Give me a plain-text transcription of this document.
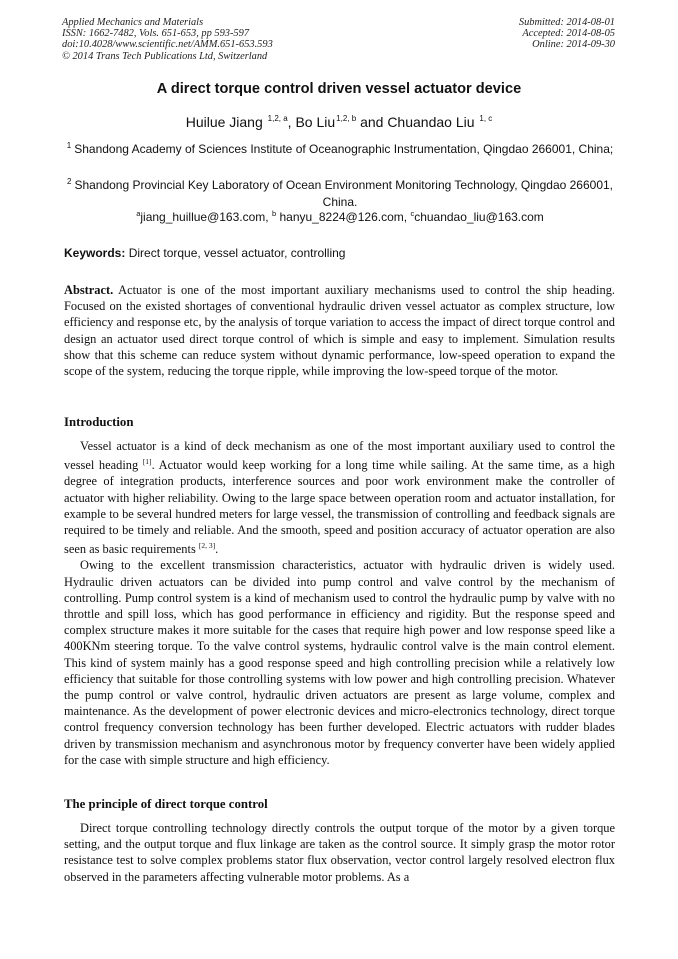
Applied Mechanics and Materials
ISSN: 1662-7482, Vols. 651-653, pp 593-597
doi:10.4028/www.scientific.net/AMM.651-653.593
© 2014 Trans Tech Publications Ltd, Switzerland
Submitted: 2014-08-01
Accepted: 2014-08-05
Online: 2014-09-30
A direct torque control driven vessel actuator device
Huilue Jiang $^{1,2, a}$, Bo Liu$^{1,2, b}$ and Chuandao Liu $^{1, c}$
$^1$ Shandong Academy of Sciences Institute of Oceanographic Instrumentation, Qingdao 266001, China;
$^2$ Shandong Provincial Key Laboratory of Ocean Environment Monitoring Technology, Qingdao 266001, China.
$^a$jiang_huillue@163.com, $^b$ hanyu_8224@126.com, $^c$chuandao_liu@163.com
Keywords: Direct torque, vessel actuator, controlling

Abstract. Actuator is one of the most important auxiliary mechanisms used to control the ship heading. Focused on the existed shortages of conventional hydraulic driven vessel actuator as complex structure, low efficiency and response etc, by the analysis of torque variation to access the impact of direct torque control and design an actuator used direct torque control of which is simple and easy to implement. Simulation results show that this scheme can reduce system without dynamic performance, low-speed operation to expand the scope of the system, reducing the torque ripple, while improving the low-speed torque of the motor.

Introduction

Vessel actuator is a kind of deck mechanism as one of the most important auxiliary used to control the vessel heading [1]. Actuator would keep working for a long time while sailing. At the same time, as a high degree of integration products, interference sources and poor work environment make the controller of actuator with higher reliability. Owing to the large space between operation room and actuator installation, for example to be several hundred meters for large vessel, the transmission of controlling and feedback signals are required to be timely and reliable. And the smooth, speed and position accuracy of actuator operation are also seen as basic requirements [2, 3].

Owing to the excellent transmission characteristics, actuator with hydraulic driven is widely used. Hydraulic driven actuators can be divided into pump control and valve control by the mechanism of controlling. Pump control system is a kind of mechanism used to control the hydraulic pump by valve with no throttle and spill loss, which has good performance in efficiency and rigidity. But the response speed and complex structure makes it more suitable for the cases that require high power and low response speed like a 400KNm steering torque. To the valve control systems, hydraulic control valve is the main control element. This kind of system mainly has a good response speed and high controlling precision while a relatively low efficiency that suitable for those controlling systems with low power and high controlling precision. Whatever the pump control or valve control, hydraulic driven actuators are present as large volume, complex and maintenance. As the development of power electronic devices and micro-electronics technology, direct torque control frequency conversion technology has been further developed. Electric actuators with rudder blades driven by transmission mechanism and asynchronous motor by frequency converter have been widely applied for the case with simple structure and high efficiency.

The principle of direct torque control

Direct torque controlling technology directly controls the output torque of the motor by a given torque setting, and the output torque and flux linkage are taken as the control source. It simply grasp the motor rotor resistance test to solve complex problems stator flux observation, vector control largely resolved electron flux observed in the parameters affecting vulnerable motor problems. As a
